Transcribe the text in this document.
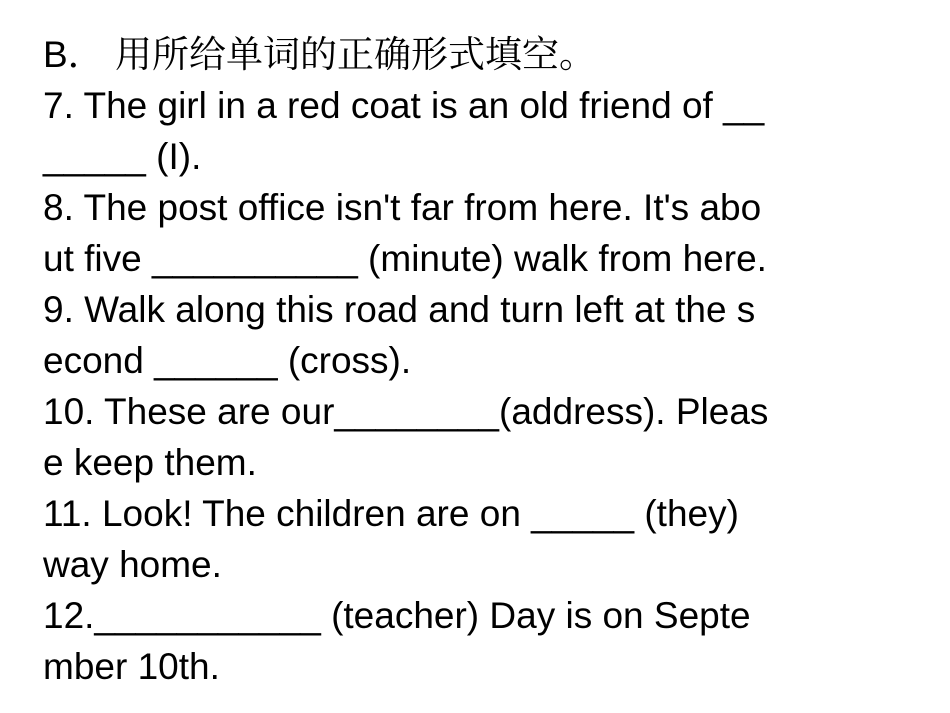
B． 用所给单词的正确形式填空。
7. The girl in a red coat is an old friend of __
_____ (I).
8. The post office isn't far from here. It's abo
ut five __________ (minute) walk from here.
9. Walk along this road and turn left at the s
econd ______ (cross).
10. These are our________(address). Pleas
e keep them.
11. Look! The children are on _____ (they)
way home.
12.___________ (teacher) Day is on Septe
mber 10th.
